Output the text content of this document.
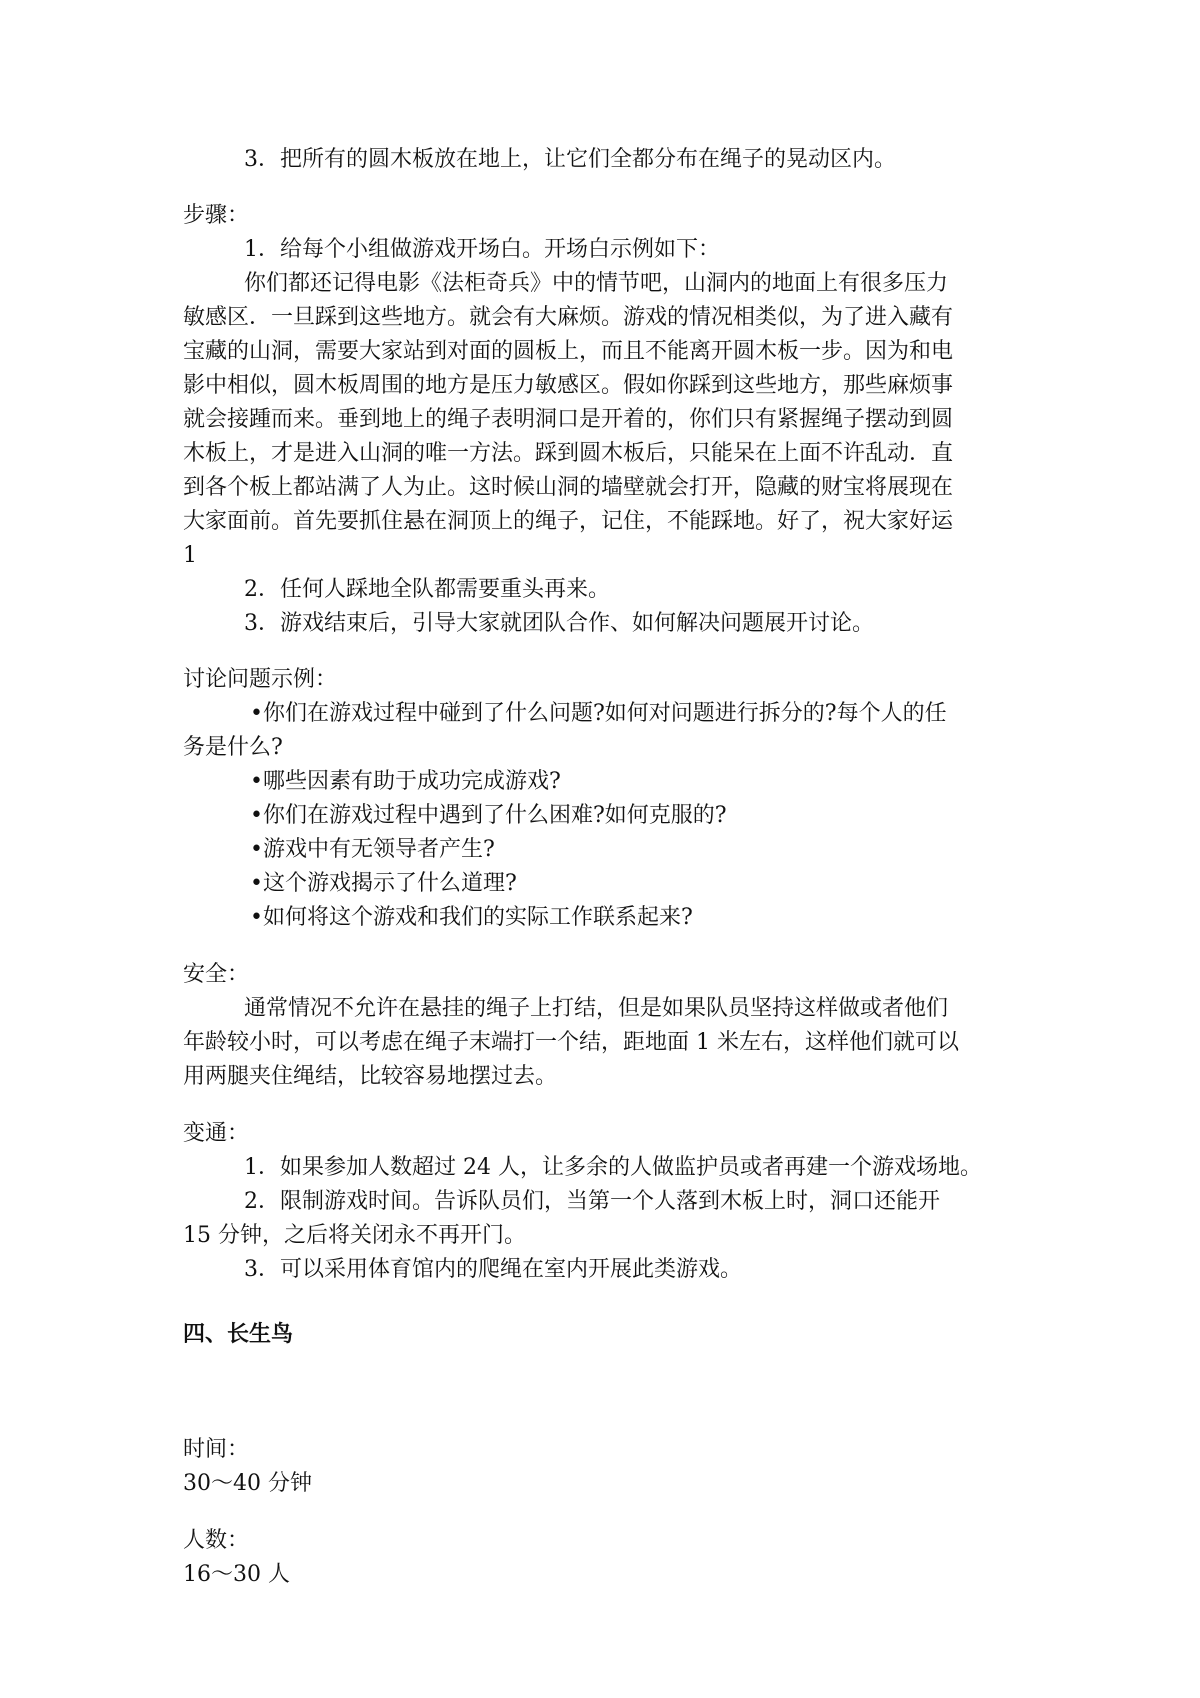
3．把所有的圆木板放在地上，让它们全都分布在绳子的晃动区内。
步骤：
1．给每个小组做游戏开场白。开场白示例如下：
你们都还记得电影《法柜奇兵》中的情节吧，山洞内的地面上有很多压力
敏感区．一旦踩到这些地方。就会有大麻烦。游戏的情况相类似，为了进入藏有
宝藏的山洞，需要大家站到对面的圆板上，而且不能离开圆木板一步。因为和电
影中相似，圆木板周围的地方是压力敏感区。假如你踩到这些地方，那些麻烦事
就会接踵而来。垂到地上的绳子表明洞口是开着的，你们只有紧握绳子摆动到圆
木板上，才是进入山洞的唯一方法。踩到圆木板后，只能呆在上面不许乱动．直
到各个板上都站满了人为止。这时候山洞的墙壁就会打开，隐藏的财宝将展现在
大家面前。首先要抓住悬在洞顶上的绳子，记住，不能踩地。好了，祝大家好运
1
2．任何人踩地全队都需要重头再来。
3．游戏结束后，引导大家就团队合作、如何解决问题展开讨论。
讨论问题示例：
•你们在游戏过程中碰到了什么问题?如何对问题进行拆分的?每个人的任
务是什么?
•哪些因素有助于成功完成游戏?
•你们在游戏过程中遇到了什么困难?如何克服的?
•游戏中有无领导者产生?
•这个游戏揭示了什么道理?
•如何将这个游戏和我们的实际工作联系起来?
安全：
通常情况不允许在悬挂的绳子上打结，但是如果队员坚持这样做或者他们
年龄较小时，可以考虑在绳子末端打一个结，距地面 1 米左右，这样他们就可以
用两腿夹住绳结，比较容易地摆过去。
变通：
1．如果参加人数超过 24 人，让多余的人做监护员或者再建一个游戏场地。
2．限制游戏时间。告诉队员们，当第一个人落到木板上时，洞口还能开
15 分钟，之后将关闭永不再开门。
3．可以采用体育馆内的爬绳在室内开展此类游戏。
四、长生鸟
时间：
30～40 分钟
人数：
16～30 人
